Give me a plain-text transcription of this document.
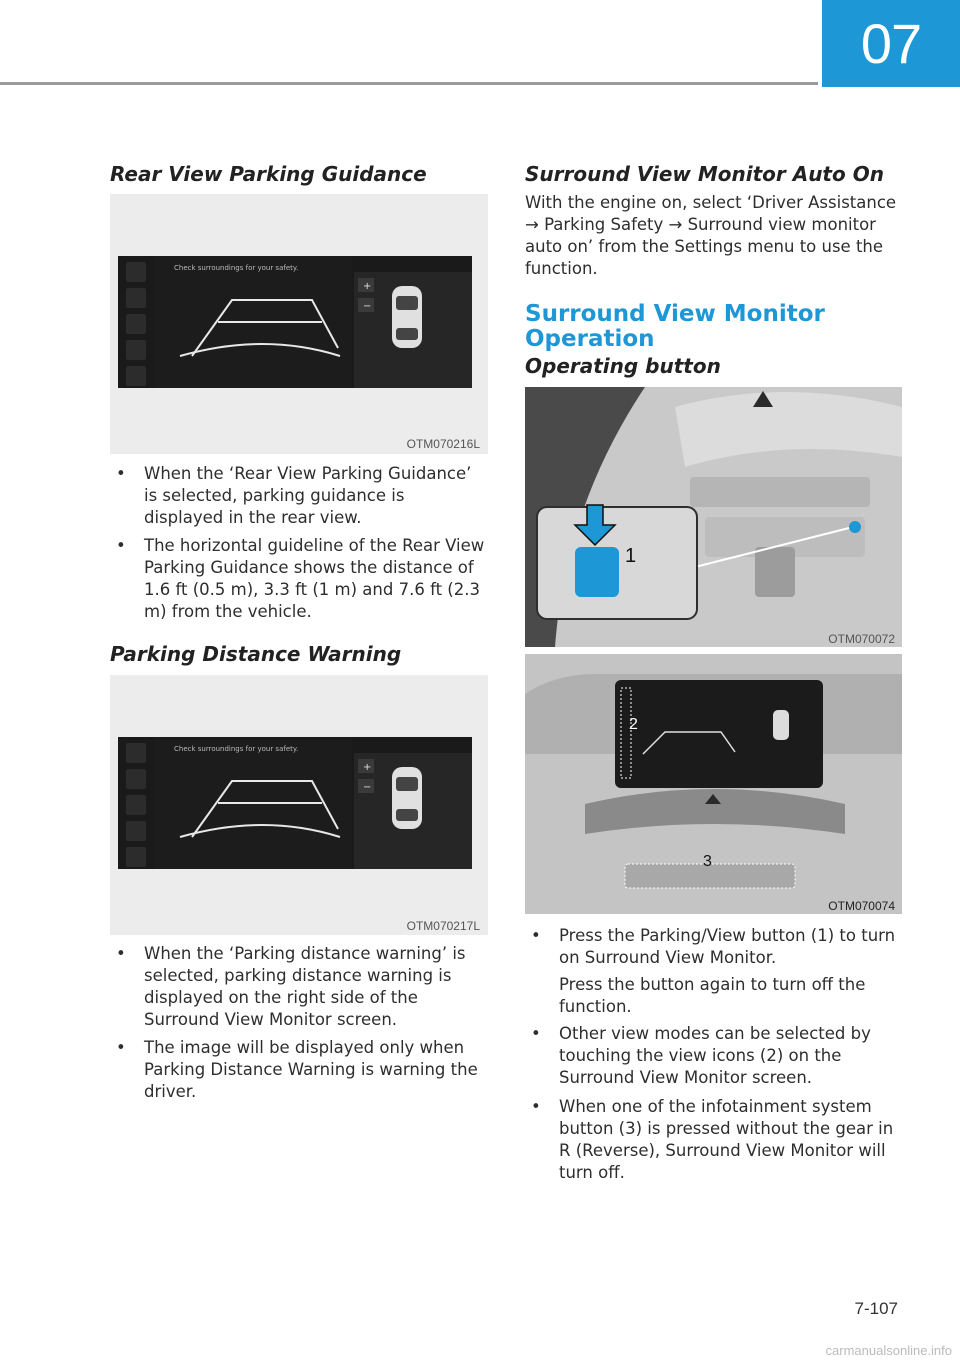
07
Rear View Parking Guidance
+
−
Check surroundings for your safety.
OTM070216L
• When the ‘Rear View Parking Guidance’ is selected, parking guidance is displayed in the rear view.
• The horizontal guideline of the Rear View Parking Guidance shows the distance of 1.6 ft (0.5 m), 3.3 ft (1 m) and 7.6 ft (2.3 m) from the vehicle.
Parking Distance Warning
+
−
Check surroundings for your safety.
OTM070217L
• When the ‘Parking distance warning’ is selected, parking distance warning is displayed on the right side of the Surround View Monitor screen.
• The image will be displayed only when Parking Distance Warning is warning the driver.
Surround View Monitor Auto On

With the engine on, select ‘Driver Assistance → Parking Safety → Surround view monitor auto on’ from the Settings menu to use the function.

Surround View Monitor Operation
Operating button
1
OTM070072
2
3
OTM070074
• Press the Parking/View button (1) to turn on Surround View Monitor.

Press the button again to turn off the function.

• Other view modes can be selected by touching the view icons (2) on the Surround View Monitor screen.
• When one of the infotainment system button (3) is pressed without the gear in R (Reverse), Surround View Monitor will turn off.
7-107
carmanualsonline.info
